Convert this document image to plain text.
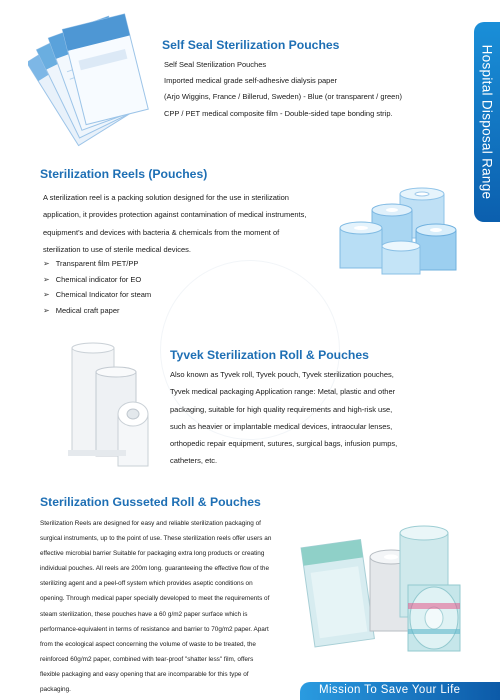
Hospital Disposal Range
Self Seal Sterilization Pouches

Self Seal Sterilization Pouches

Imported medical grade self-adhesive dialysis paper

(Arjo Wiggins, France / Billerud, Sweden) - Blue (or transparent / green)

CPP / PET medical composite film - Double-sided tape bonding strip.

Sterilization Reels (Pouches)

A sterilization reel is a packing solution designed for the use in sterilization

application, it provides protection against contamination of medical instruments,

equipment’s and devices with bacteria & chemicals from the moment of

sterilization to use of sterile medical devices.

➢ Transparent film PET/PP
➢ Chemical indicator for EO
➢ Chemical Indicator for steam
➢ Medical craft paper
Tyvek Sterilization Roll & Pouches

Also known as Tyvek roll, Tyvek pouch, Tyvek sterilization pouches,

Tyvek medical packaging Application range: Metal, plastic and other

packaging, suitable for high quality requirements and high-risk use,

such as heavier or implantable medical devices, intraocular lenses,

orthopedic repair equipment, sutures, surgical bags, infusion pumps,

catheters, etc.

Sterilization Gusseted Roll & Pouches

Sterilization Reels are designed for easy and reliable sterilization packaging of

surgical instruments, up to the point of use. These sterilization reels offer users an

effective microbial barrier Suitable for packaging extra long products or creating

individual pouches. All reels are 200m long. guaranteeing the effective flow of the

sterilizing agent and a peel-off system which provides aseptic conditions on

opening. Through medical paper specially developed to meet the requirements of

steam sterilization, these pouches have a 60 g/m2 paper surface which is

performance-equivalent in terms of resistance and barrier to 70g/m2 paper. Apart

from the ecological aspect concerning the volume of waste to be treated, the

reinforced 60g/m2 paper, combined with tear-proof "shatter less" film, offers

flexible packaging and easy opening that are incomparable for this type of

packaging.	Mission To Save Your Life
